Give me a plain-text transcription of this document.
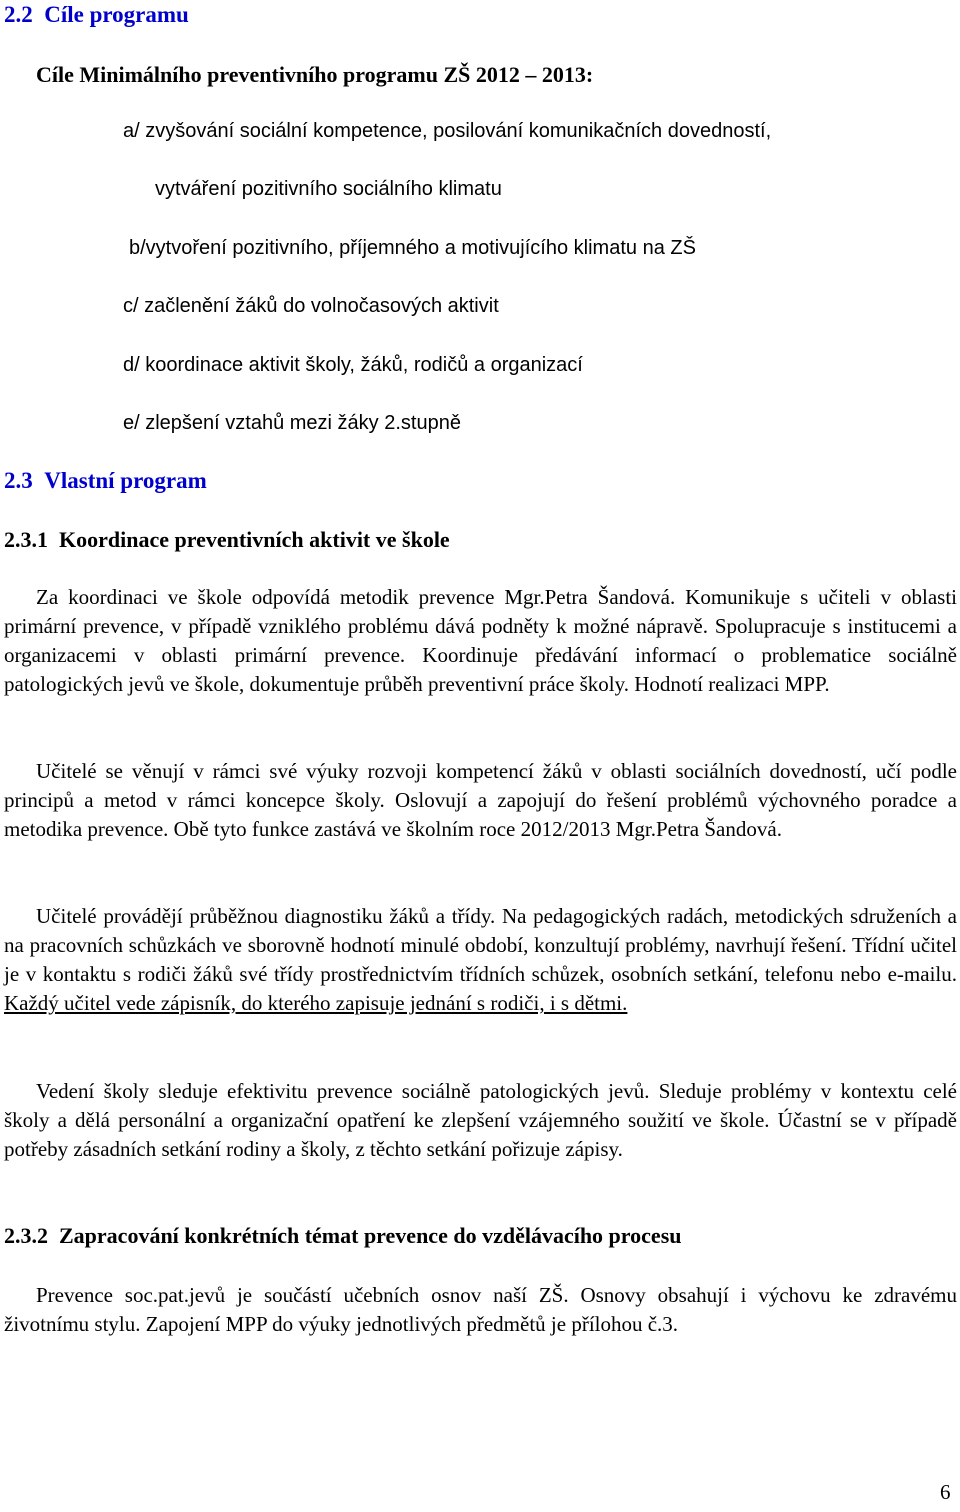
2.2 Cíle programu
Cíle Minimálního preventivního programu ZŠ 2012 – 2013:
a/ zvyšování sociální kompetence, posilování komunikačních dovedností,
vytváření pozitivního sociálního klimatu
b/vytvoření pozitivního, příjemného a motivujícího klimatu na ZŠ
c/ začlenění žáků do volnočasových aktivit
d/ koordinace aktivit školy, žáků, rodičů a organizací
e/ zlepšení vztahů mezi žáky 2.stupně
2.3 Vlastní program
2.3.1 Koordinace preventivních aktivit ve škole

Za koordinaci ve škole odpovídá metodik prevence Mgr.Petra Šandová. Komunikuje s učiteli v oblasti primární prevence, v případě vzniklého problému dává podněty k možné nápravě. Spolupracuje s institucemi a organizacemi v oblasti primární prevence. Koordinuje předávání informací o problematice sociálně patologických jevů ve škole, dokumentuje průběh preventivní práce školy. Hodnotí realizaci MPP.

Učitelé se věnují v rámci své výuky rozvoji kompetencí žáků v oblasti sociálních dovedností, učí podle principů a metod v rámci koncepce školy. Oslovují a zapojují do řešení problémů výchovného poradce a metodika prevence. Obě tyto funkce zastává ve školním roce 2012/2013 Mgr.Petra Šandová.

Učitelé provádějí průběžnou diagnostiku žáků a třídy. Na pedagogických radách, metodických sdruženích a na pracovních schůzkách ve sborovně hodnotí minulé období, konzultují problémy, navrhují řešení. Třídní učitel je v kontaktu s rodiči žáků své třídy prostřednictvím třídních schůzek, osobních setkání, telefonu nebo e-mailu. Každý učitel vede zápisník, do kterého zapisuje jednání s rodiči, i s dětmi.

Vedení školy sleduje efektivitu prevence sociálně patologických jevů. Sleduje problémy v kontextu celé školy a dělá personální a organizační opatření ke zlepšení vzájemného soužití ve škole. Účastní se v případě potřeby zásadních setkání rodiny a školy, z těchto setkání pořizuje zápisy.

2.3.2 Zapracování konkrétních témat prevence do vzdělávacího procesu

Prevence soc.pat.jevů je součástí učebních osnov naší ZŠ. Osnovy obsahují i výchovu ke zdravému životnímu stylu. Zapojení MPP do výuky jednotlivých předmětů je přílohou č.3.

6
